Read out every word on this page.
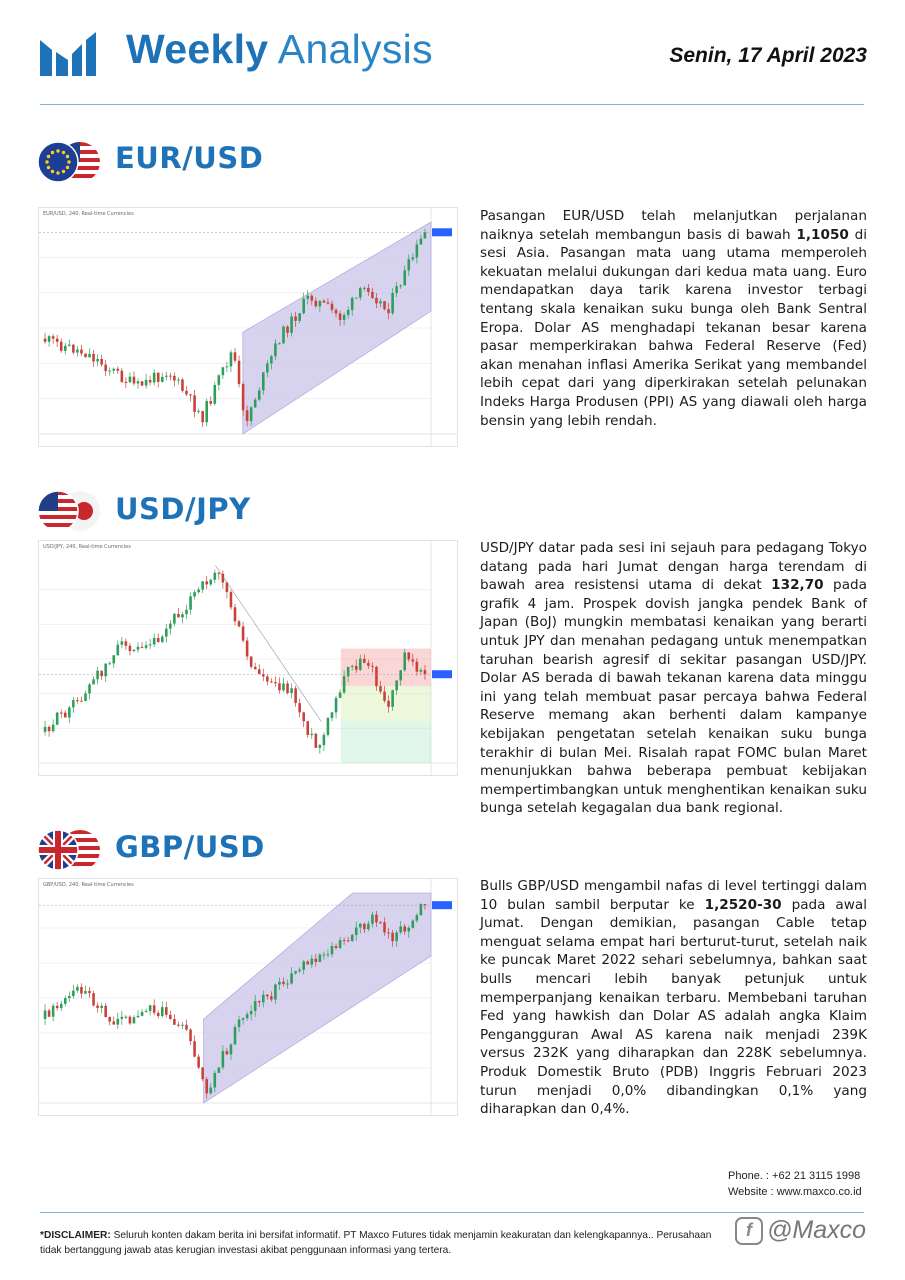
Weekly Analysis	Senin, 17 April 2023
EUR/USD
EUR/USD, 240, Real-time Currencies	Pasangan EUR/USD telah melanjutkan perjalanan naiknya setelah membangun basis di bawah 1,1050 di sesi Asia. Pasangan mata uang utama memperoleh kekuatan melalui dukungan dari kedua mata uang. Euro mendapatkan daya tarik karena investor terbagi tentang skala kenaikan suku bunga oleh Bank Sentral Eropa. Dolar AS menghadapi tekanan besar karena pasar memperkirakan bahwa Federal Reserve (Fed) akan menahan inflasi Amerika Serikat yang membandel lebih cepat dari yang diperkirakan setelah pelunakan Indeks Harga Produsen (PPI) AS yang diawali oleh harga bensin yang lebih rendah.
USD/JPY
USD/JPY, 240, Real-time Currencies	USD/JPY datar pada sesi ini sejauh para pedagang Tokyo datang pada hari Jumat dengan harga terendam di bawah area resistensi utama di dekat 132,70 pada grafik 4 jam. Prospek dovish jangka pendek Bank of Japan (BoJ) mungkin membatasi kenaikan yang berarti untuk JPY dan menahan pedagang untuk menempatkan taruhan bearish agresif di sekitar pasangan USD/JPY. Dolar AS berada di bawah tekanan karena data minggu ini yang telah membuat pasar percaya bahwa Federal Reserve memang akan berhenti dalam kampanye kebijakan pengetatan setelah kenaikan suku bunga terakhir di bulan Mei. Risalah rapat FOMC bulan Maret menunjukkan bahwa beberapa pembuat kebijakan mempertimbangkan untuk menghentikan kenaikan suku bunga setelah kegagalan dua bank regional.
GBP/USD
GBP/USD, 240, Real-time Currencies	Bulls GBP/USD mengambil nafas di level tertinggi dalam 10 bulan sambil berputar ke 1,2520-30 pada awal Jumat. Dengan demikian, pasangan Cable tetap menguat selama empat hari berturut-turut, setelah naik ke puncak Maret 2022 sehari sebelumnya, bahkan saat bulls mencari lebih banyak petunjuk untuk memperpanjang kenaikan terbaru. Membebani taruhan Fed yang hawkish dan Dolar AS adalah angka Klaim Pengangguran Awal AS karena naik menjadi 239K versus 232K yang diharapkan dan 228K sebelumnya. Produk Domestik Bruto (PDB) Inggris Februari 2023 turun menjadi 0,0% dibandingkan 0,1% yang diharapkan dan 0,4%.
Phone. : +62 21 3115 1998
Website : www.maxco.co.id
*DISCLAIMER: Seluruh konten dakam berita ini bersifat informatif. PT Maxco Futures tidak menjamin keakuratan dan kelengkapannya.. Perusahaan tidak bertanggung jawab atas kerugian investasi akibat penggunaan informasi yang tertera.
f @Maxco
